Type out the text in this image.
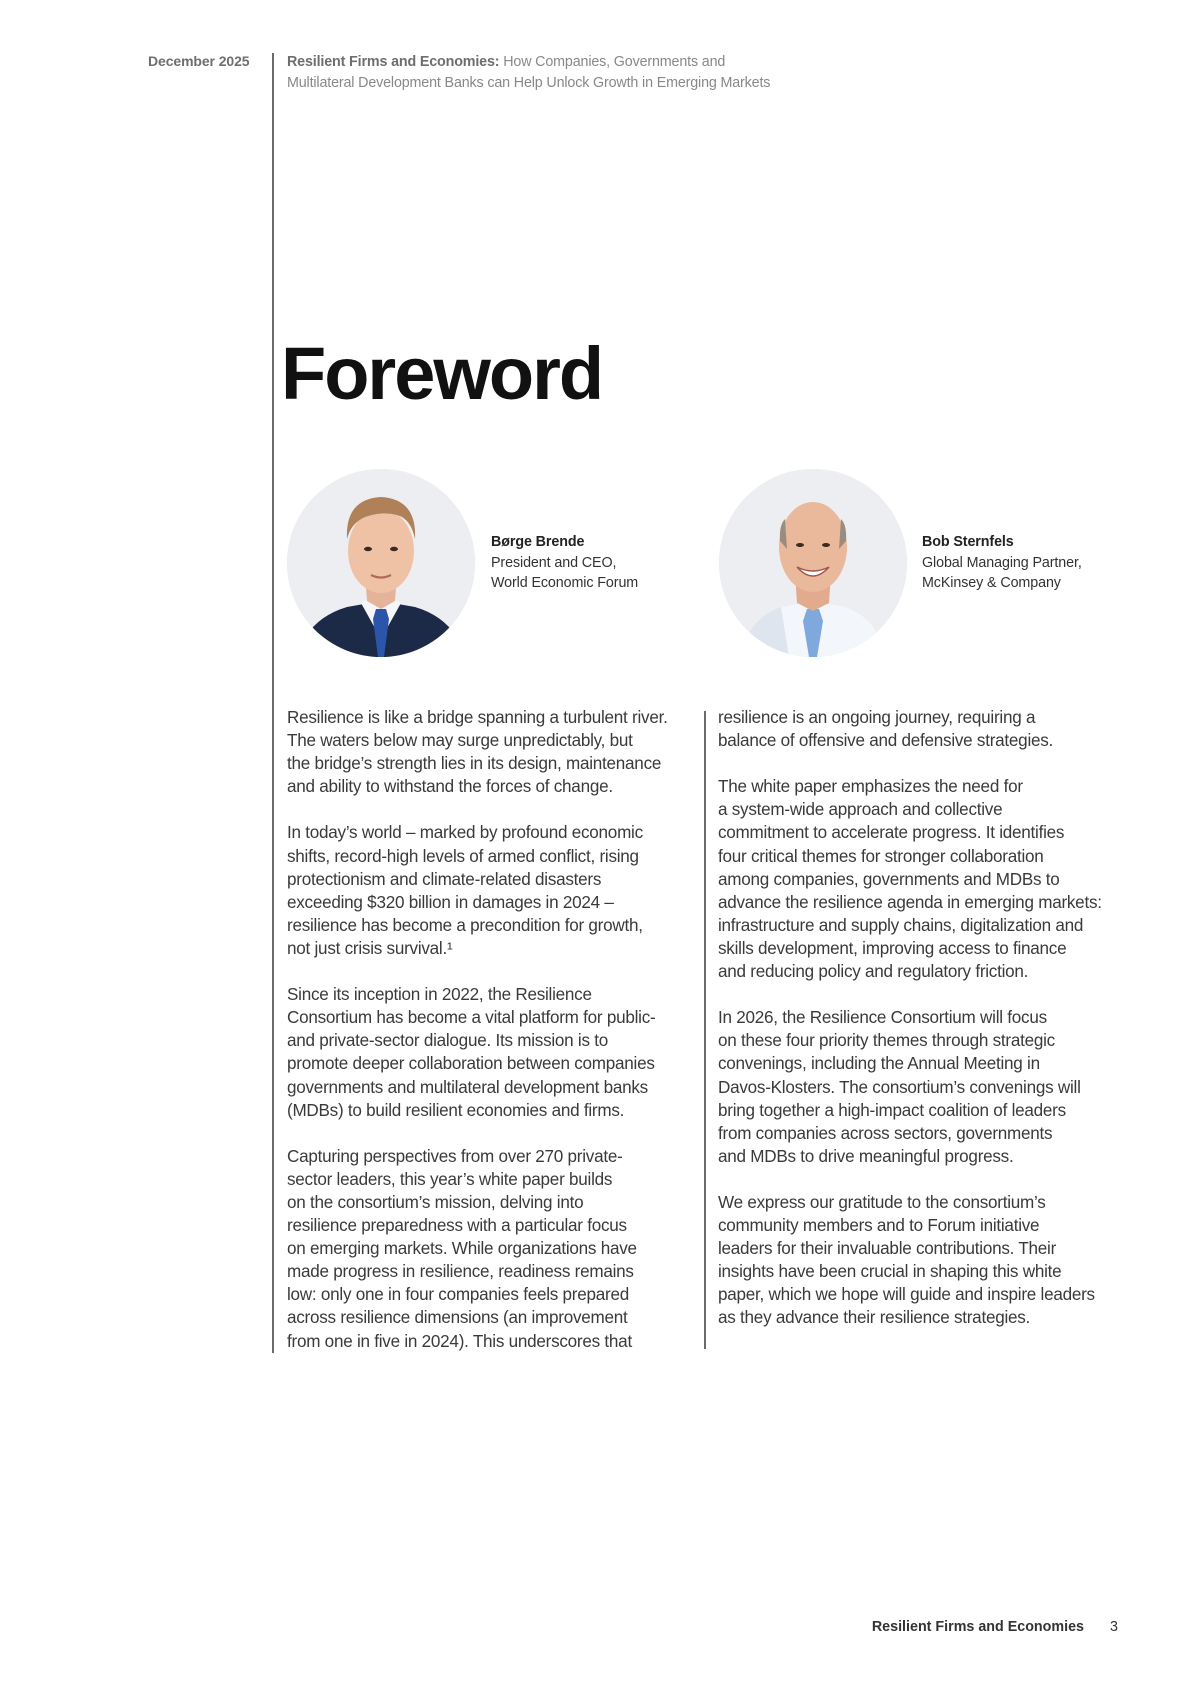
December 2025	Resilient Firms and Economies: How Companies, Governments and
Multilateral Development Banks can Help Unlock Growth in Emerging Markets
Foreword
Børge Brende
President and CEO,
World Economic Forum
Bob Sternfels
Global Managing Partner,
McKinsey & Company

Resilience is like a bridge spanning a turbulent river.
The waters below may surge unpredictably, but
the bridge’s strength lies in its design, maintenance
and ability to withstand the forces of change.

In today’s world – marked by profound economic
shifts, record-high levels of armed conflict, rising
protectionism and climate-related disasters
exceeding $320 billion in damages in 2024 –
resilience has become a precondition for growth,
not just crisis survival.¹

Since its inception in 2022, the Resilience
Consortium has become a vital platform for public-
and private-sector dialogue. Its mission is to
promote deeper collaboration between companies
governments and multilateral development banks
(MDBs) to build resilient economies and firms.

Capturing perspectives from over 270 private-
sector leaders, this year’s white paper builds
on the consortium’s mission, delving into
resilience preparedness with a particular focus
on emerging markets. While organizations have
made progress in resilience, readiness remains
low: only one in four companies feels prepared
across resilience dimensions (an improvement
from one in five in 2024). This underscores that

resilience is an ongoing journey, requiring a
balance of offensive and defensive strategies.

The white paper emphasizes the need for
a system-wide approach and collective
commitment to accelerate progress. It identifies
four critical themes for stronger collaboration
among companies, governments and MDBs to
advance the resilience agenda in emerging markets:
infrastructure and supply chains, digitalization and
skills development, improving access to finance
and reducing policy and regulatory friction.

In 2026, the Resilience Consortium will focus
on these four priority themes through strategic
convenings, including the Annual Meeting in
Davos-Klosters. The consortium’s convenings will
bring together a high-impact coalition of leaders
from companies across sectors, governments
and MDBs to drive meaningful progress.

We express our gratitude to the consortium’s
community members and to Forum initiative
leaders for their invaluable contributions. Their
insights have been crucial in shaping this white
paper, which we hope will guide and inspire leaders
as they advance their resilience strategies.

Resilient Firms and Economies 3
